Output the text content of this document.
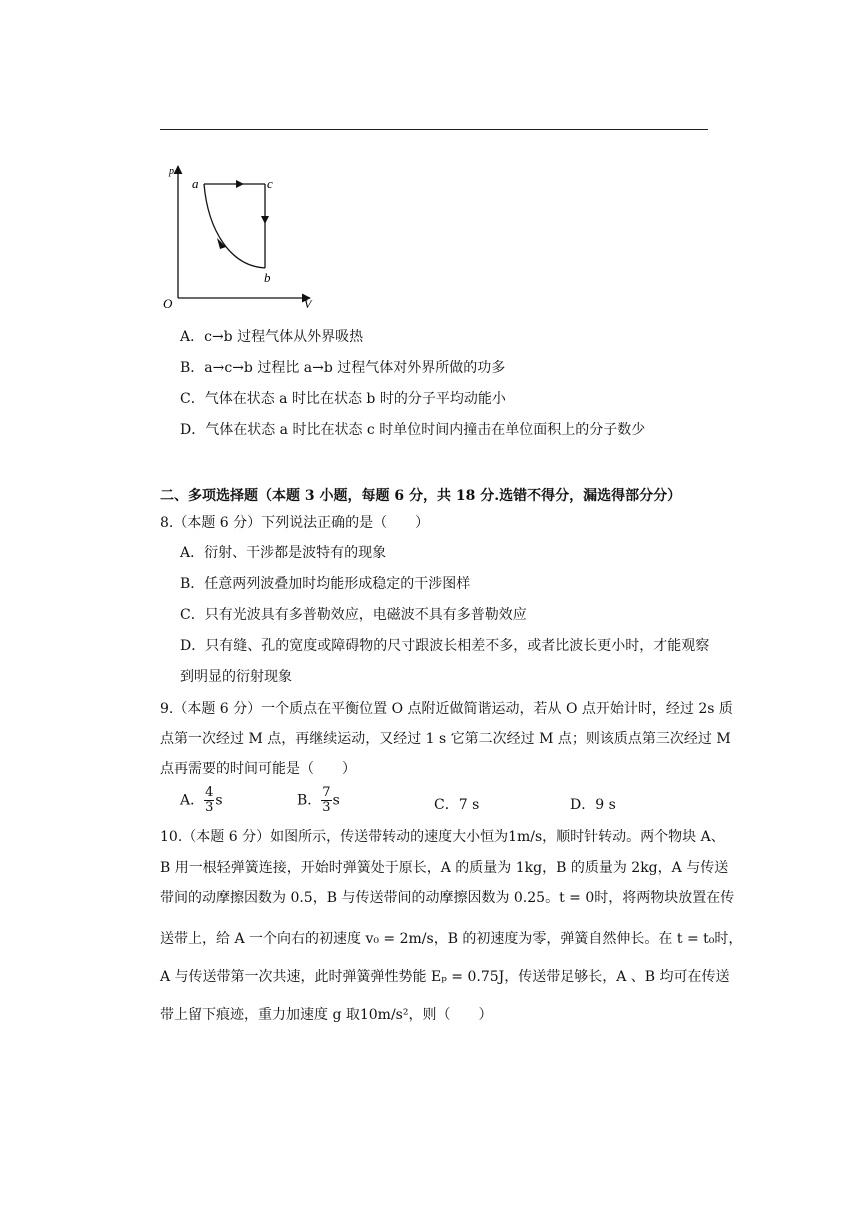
p
V
O
a	c
b
A．c→b 过程气体从外界吸热
B．a→c→b 过程比 a→b 过程气体对外界所做的功多
C．气体在状态 a 时比在状态 b 时的分子平均动能小
D．气体在状态 a 时比在状态 c 时单位时间内撞击在单位面积上的分子数少
二、多项选择题（本题 3 小题，每题 6 分，共 18 分.选错不得分，漏选得部分分）
8.（本题 6 分）下列说法正确的是（　　）
A．衍射、干涉都是波特有的现象
B．任意两列波叠加时均能形成稳定的干涉图样
C．只有光波具有多普勒效应，电磁波不具有多普勒效应
D．只有缝、孔的宽度或障碍物的尺寸跟波长相差不多，或者比波长更小时，才能观察
到明显的衍射现象
9.（本题 6 分）一个质点在平衡位置 O 点附近做简谐运动，若从 O 点开始计时，经过 2s 质
点第一次经过 M 点，再继续运动，又经过 1 s 它第二次经过 M 点；则该质点第三次经过 M
点再需要的时间可能是（　　）
A． $\frac{4}{3}$ s	B． $\frac{7}{3}$ s	C．7 s	D．9 s
10.（本题 6 分）如图所示，传送带转动的速度大小恒为1m/s，顺时针转动。两个物块 A、
B 用一根轻弹簧连接，开始时弹簧处于原长，A 的质量为 1kg，B 的质量为 2kg，A 与传送
带间的动摩擦因数为 0.5，B 与传送带间的动摩擦因数为 0.25。t = 0时，将两物块放置在传
送带上，给 A 一个向右的初速度 v₀ = 2m/s，B 的初速度为零，弹簧自然伸长。在 t = t₀时，
A 与传送带第一次共速，此时弹簧弹性势能 Eₚ = 0.75J，传送带足够长，A 、B 均可在传送
带上留下痕迹，重力加速度 g 取10m/s²，则（　　）
